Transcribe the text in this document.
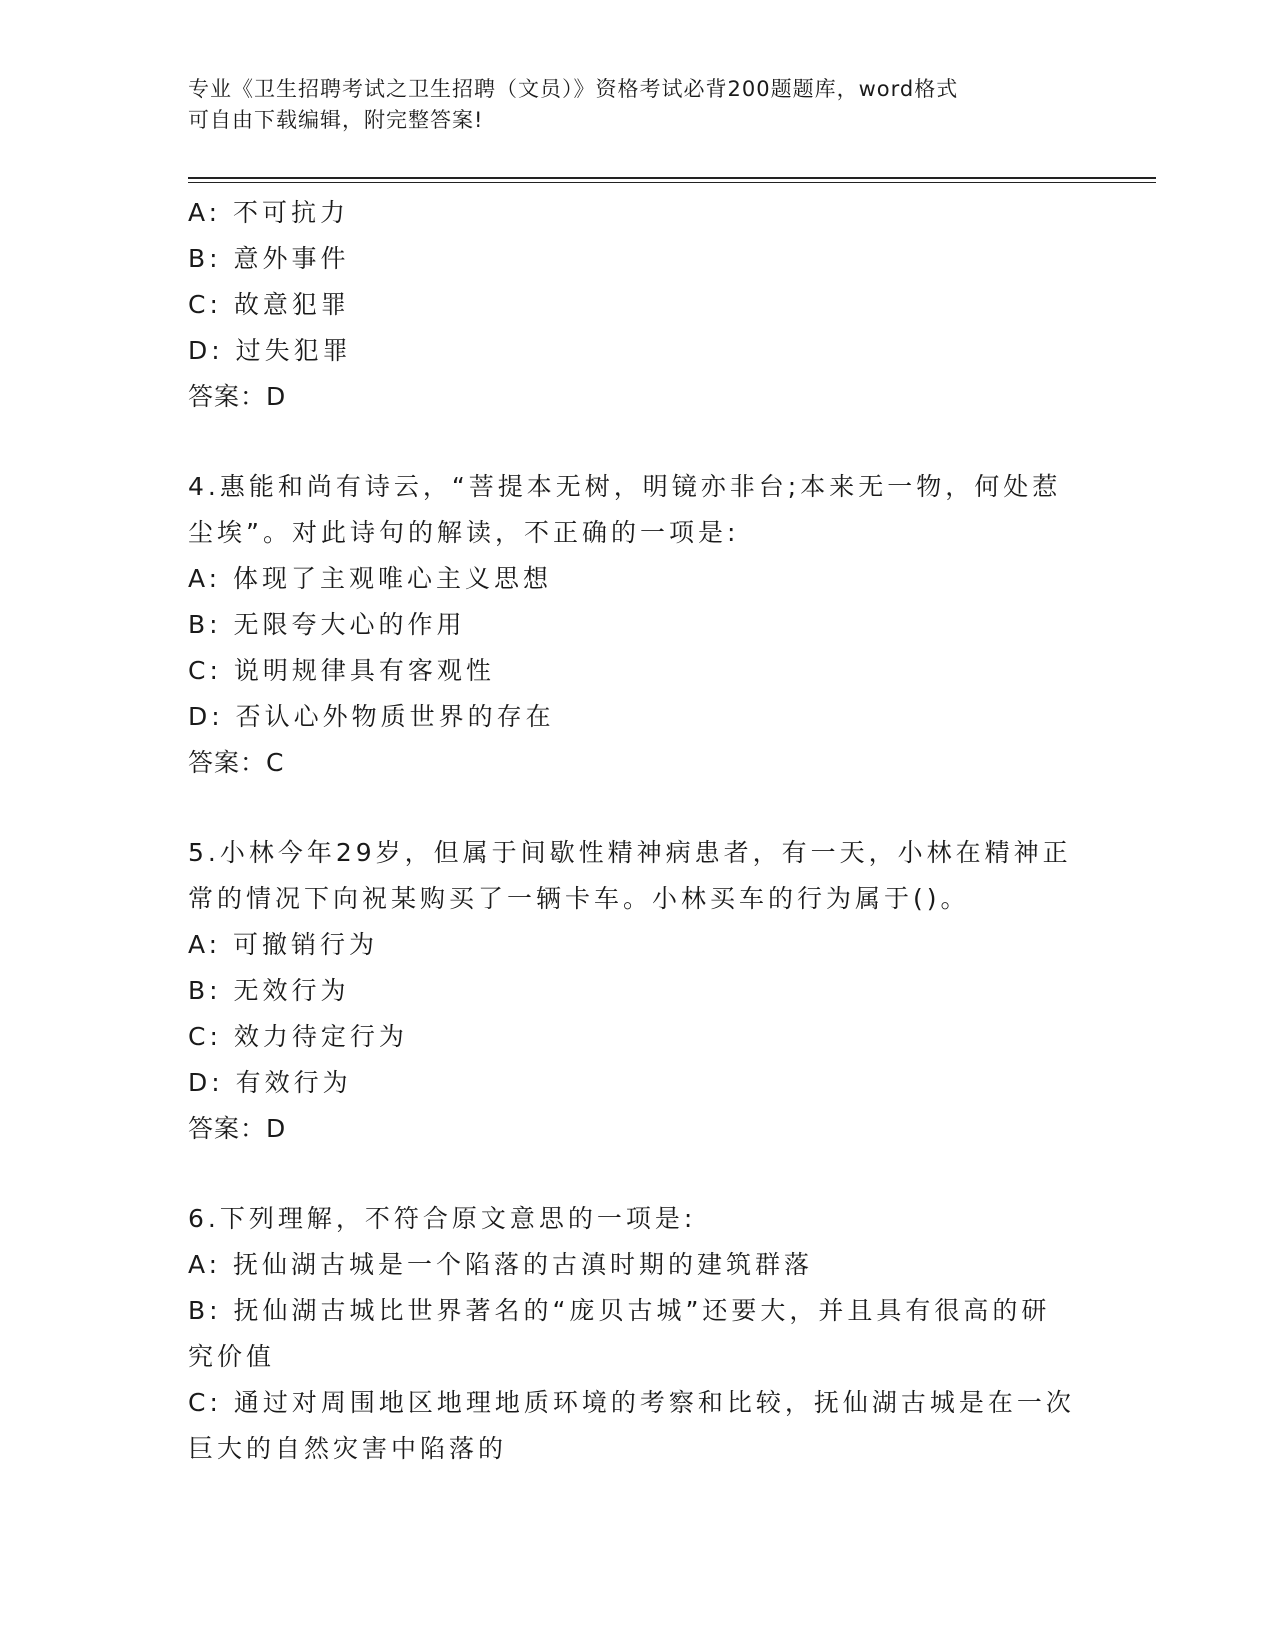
专业《卫生招聘考试之卫生招聘（文员）》资格考试必背200题题库，word格式
可自由下载编辑，附完整答案!

A: 不可抗力

B: 意外事件

C: 故意犯罪

D: 过失犯罪

答案：D

4.惠能和尚有诗云，“菩提本无树，明镜亦非台;本来无一物，何处惹

尘埃”。对此诗句的解读，不正确的一项是:

A: 体现了主观唯心主义思想

B: 无限夸大心的作用

C: 说明规律具有客观性

D: 否认心外物质世界的存在

答案：C

5.小林今年29岁，但属于间歇性精神病患者，有一天，小林在精神正

常的情况下向祝某购买了一辆卡车。小林买车的行为属于()。

A: 可撤销行为

B: 无效行为

C: 效力待定行为

D: 有效行为

答案：D

6.下列理解，不符合原文意思的一项是:

A: 抚仙湖古城是一个陷落的古滇时期的建筑群落

B: 抚仙湖古城比世界著名的“庞贝古城”还要大，并且具有很高的研

究价值

C: 通过对周围地区地理地质环境的考察和比较，抚仙湖古城是在一次

巨大的自然灾害中陷落的
